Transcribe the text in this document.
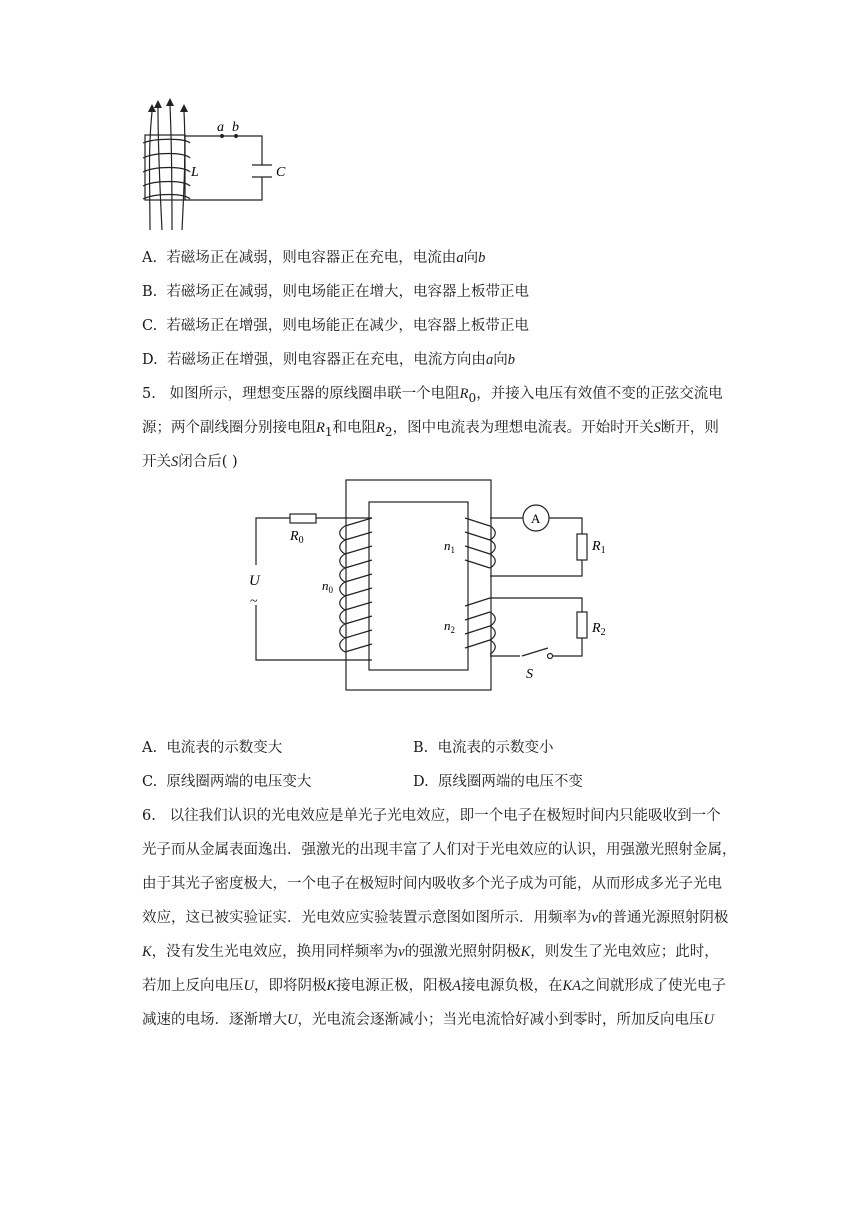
a b
L	C
A. 若磁场正在减弱，则电容器正在充电，电流由a向b
B. 若磁场正在减弱，则电场能正在增大，电容器上板带正电
C. 若磁场正在增强，则电场能正在减少，电容器上板带正电
D. 若磁场正在增强，则电容器正在充电，电流方向由a向b
5. 如图所示，理想变压器的原线圈串联一个电阻$R_0$，并接入电压有效值不变的正弦交流电
源；两个副线圈分别接电阻$R_1$和电阻$R_2$，图中电流表为理想电流表。开始时开关S断开，则
开关S闭合后( )
$R_0$
U
~
$n_0$
$n_1$
$n_2$
A
$R_1$
$R_2$
S
A. 电流表的示数变大	B. 电流表的示数变小
C. 原线圈两端的电压变大	D. 原线圈两端的电压不变
6. 以往我们认识的光电效应是单光子光电效应，即一个电子在极短时间内只能吸收到一个
光子而从金属表面逸出．强激光的出现丰富了人们对于光电效应的认识，用强激光照射金属，
由于其光子密度极大，一个电子在极短时间内吸收多个光子成为可能，从而形成多光子光电
效应，这已被实验证实．光电效应实验装置示意图如图所示．用频率为ν的普通光源照射阴极
K，没有发生光电效应，换用同样频率为ν的强激光照射阴极K，则发生了光电效应；此时，
若加上反向电压U，即将阴极K接电源正极，阳极A接电源负极，在KA之间就形成了使光电子
减速的电场．逐渐增大U，光电流会逐渐减小；当光电流恰好减小到零时，所加反向电压U
